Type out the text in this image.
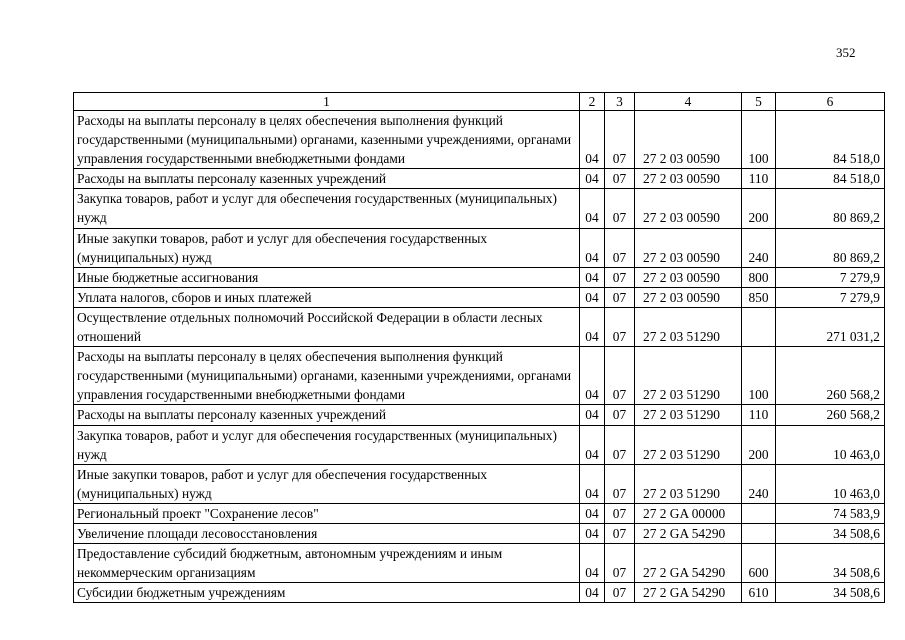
352
1	2	3	4	5	6
Расходы на выплаты персоналу в целях обеспечения выполнения функций государственными (муниципальными) органами, казенными учреждениями, органами управления государственными внебюджетными фондами	04	07	27 2 03 00590	100	84 518,0
Расходы на выплаты персоналу казенных учреждений	04	07	27 2 03 00590	110	84 518,0
Закупка товаров, работ и услуг для обеспечения государственных (муниципальных) нужд	04	07	27 2 03 00590	200	80 869,2
Иные закупки товаров, работ и услуг для обеспечения государственных (муниципальных) нужд	04	07	27 2 03 00590	240	80 869,2
Иные бюджетные ассигнования	04	07	27 2 03 00590	800	7 279,9
Уплата налогов, сборов и иных платежей	04	07	27 2 03 00590	850	7 279,9
Осуществление отдельных полномочий Российской Федерации в области лесных отношений	04	07	27 2 03 51290		271 031,2
Расходы на выплаты персоналу в целях обеспечения выполнения функций государственными (муниципальными) органами, казенными учреждениями, органами управления государственными внебюджетными фондами	04	07	27 2 03 51290	100	260 568,2
Расходы на выплаты персоналу казенных учреждений	04	07	27 2 03 51290	110	260 568,2
Закупка товаров, работ и услуг для обеспечения государственных (муниципальных) нужд	04	07	27 2 03 51290	200	10 463,0
Иные закупки товаров, работ и услуг для обеспечения государственных (муниципальных) нужд	04	07	27 2 03 51290	240	10 463,0
Региональный проект "Сохранение лесов"	04	07	27 2 GA 00000		74 583,9
Увеличение площади лесовосстановления	04	07	27 2 GA 54290		34 508,6
Предоставление субсидий бюджетным, автономным учреждениям и иным некоммерческим организациям	04	07	27 2 GA 54290	600	34 508,6
Субсидии бюджетным учреждениям	04	07	27 2 GA 54290	610	34 508,6
